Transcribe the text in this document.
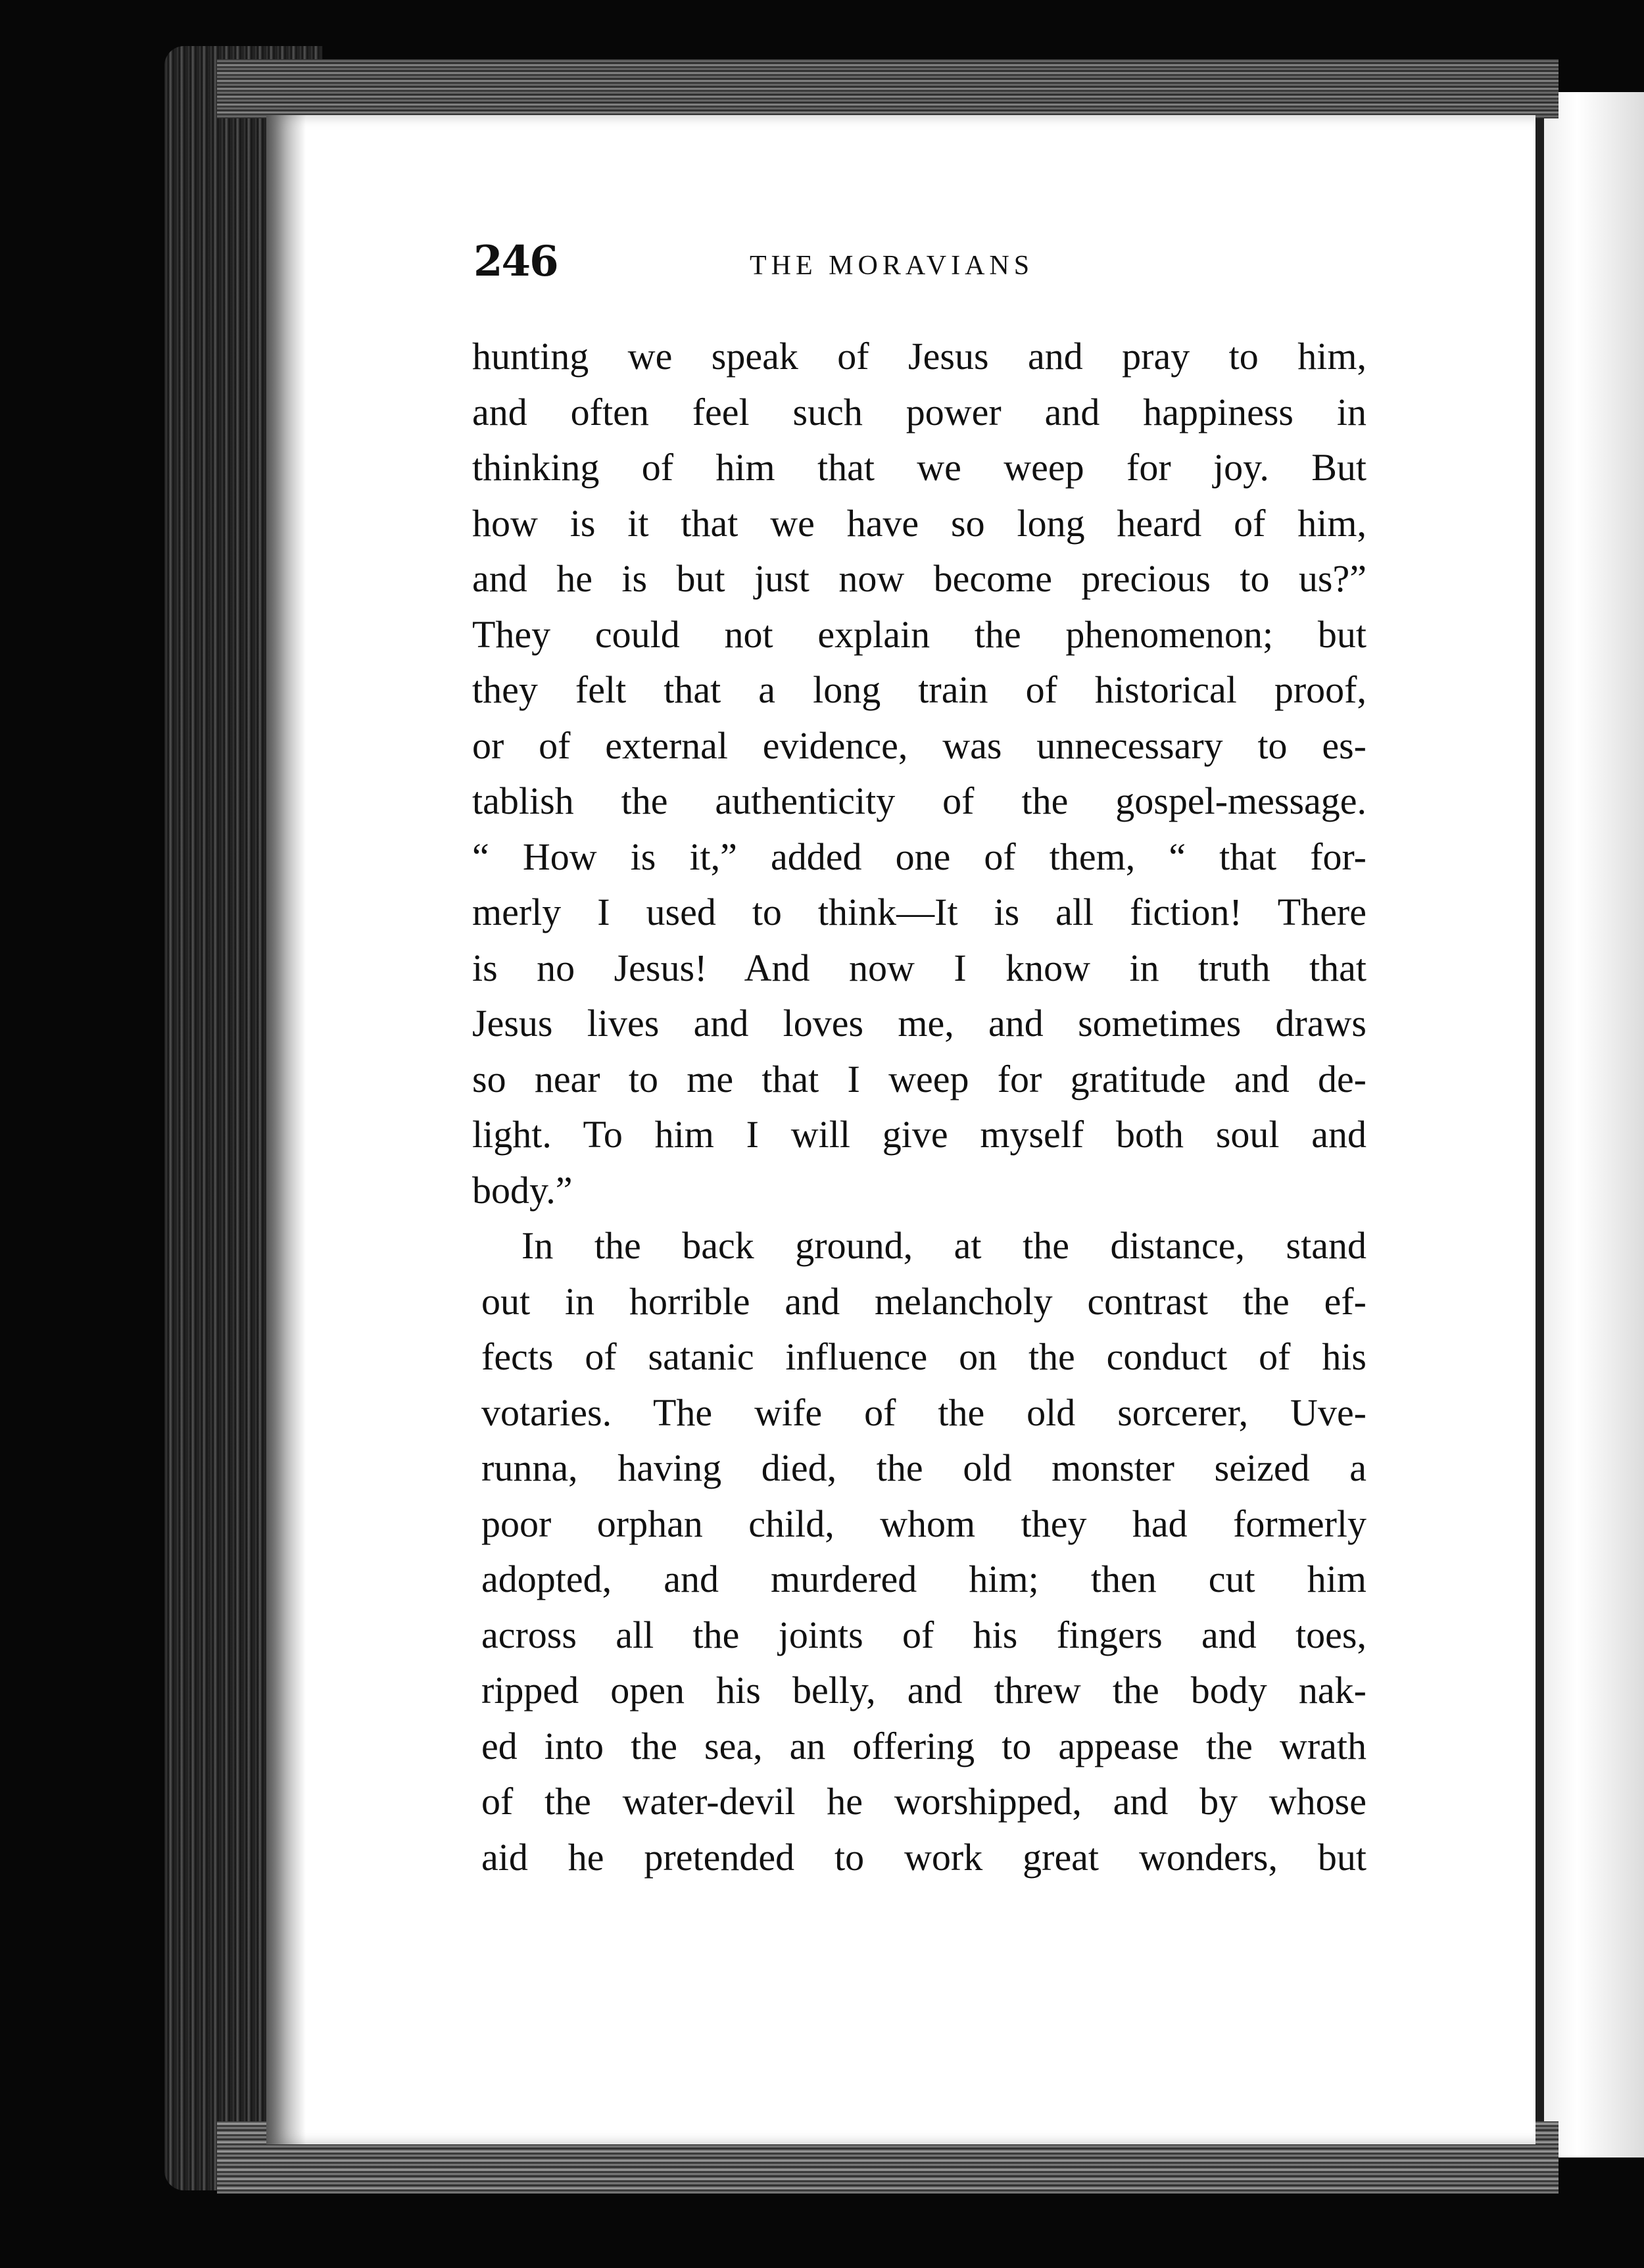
246	THE MORAVIANS
hunting we speak of Jesus and pray to him,
and often feel such power and happiness in
thinking of him that we weep for joy. But
how is it that we have so long heard of him,
and he is but just now become precious to us?”
They could not explain the phenomenon; but
they felt that a long train of historical proof,
or of external evidence, was unnecessary to es-
tablish the authenticity of the gospel-message.
“ How is it,” added one of them, “ that for-
merly I used to think—It is all fiction! There
is no Jesus! And now I know in truth that
Jesus lives and loves me, and sometimes draws
so near to me that I weep for gratitude and de-
light. To him I will give myself both soul and
body.”
In the back ground, at the distance, stand
out in horrible and melancholy contrast the ef-
fects of satanic influence on the conduct of his
votaries. The wife of the old sorcerer, Uve-
runna, having died, the old monster seized a
poor orphan child, whom they had formerly
adopted, and murdered him; then cut him
across all the joints of his fingers and toes,
ripped open his belly, and threw the body nak-
ed into the sea, an offering to appease the wrath
of the water-devil he worshipped, and by whose
aid he pretended to work great wonders, but
